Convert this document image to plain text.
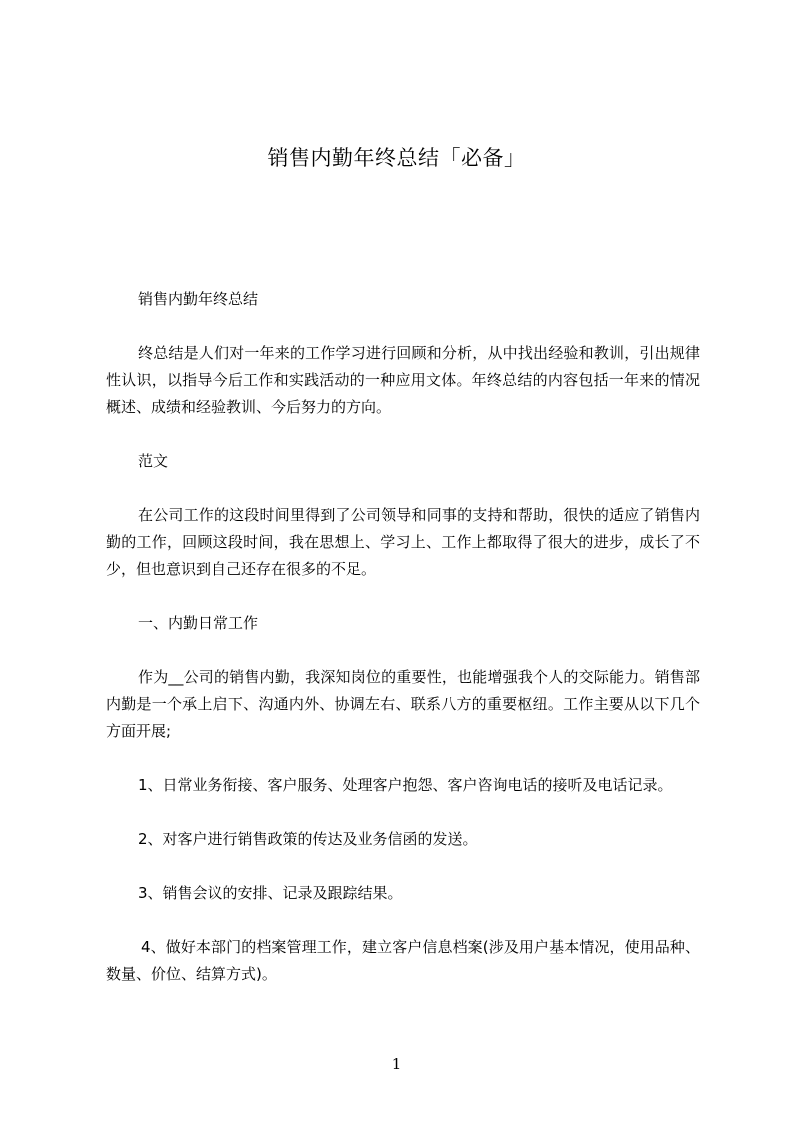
销售内勤年终总结「必备」

销售内勤年终总结

终总结是人们对一年来的工作学习进行回顾和分析，从中找出经验和教训，引出规律性认识，以指导今后工作和实践活动的一种应用文体。年终总结的内容包括一年来的情况概述、成绩和经验教训、今后努力的方向。

范文

在公司工作的这段时间里得到了公司领导和同事的支持和帮助，很快的适应了销售内勤的工作，回顾这段时间，我在思想上、学习上、工作上都取得了很大的进步，成长了不少，但也意识到自己还存在很多的不足。

一、内勤日常工作

作为__公司的销售内勤，我深知岗位的重要性，也能增强我个人的交际能力。销售部内勤是一个承上启下、沟通内外、协调左右、联系八方的重要枢纽。工作主要从以下几个方面开展;

1、日常业务衔接、客户服务、处理客户抱怨、客户咨询电话的接听及电话记录。

2、对客户进行销售政策的传达及业务信函的发送。

3、销售会议的安排、记录及跟踪结果。

4、做好本部门的档案管理工作，建立客户信息档案(涉及用户基本情况，使用品种、数量、价位、结算方式)。

1
